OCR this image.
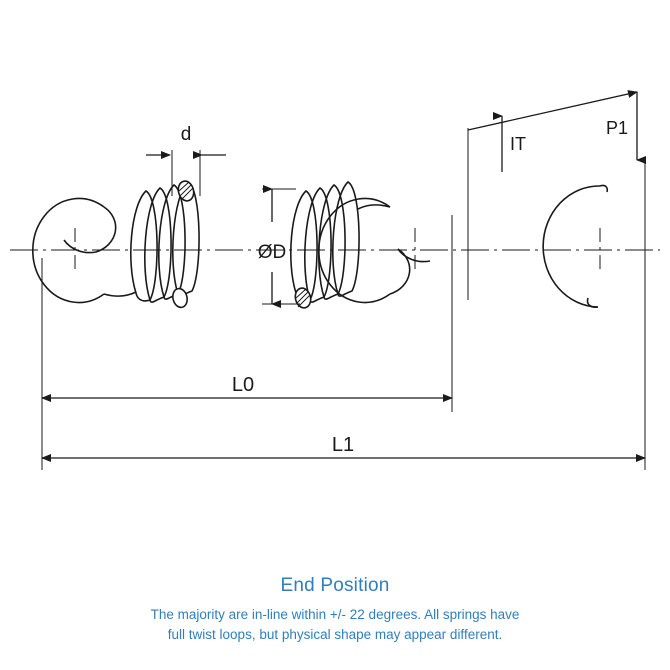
d
ØD
IT
P1
L0
L1

End Position

The majority are in-line within +/- 22 degrees. All springs have
full twist loops, but physical shape may appear different.
